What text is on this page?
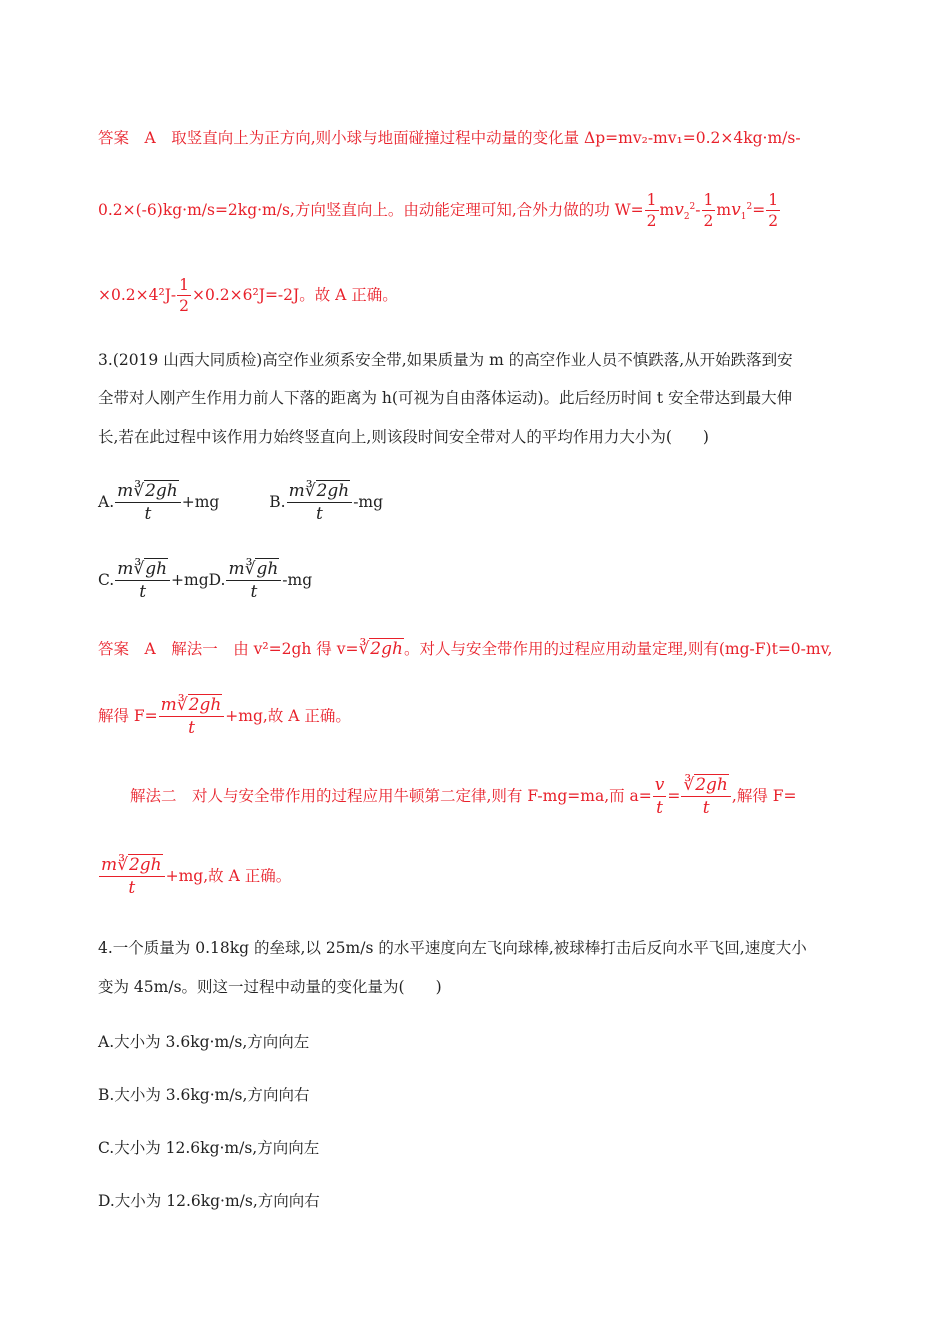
答案　A　取竖直向上为正方向,则小球与地面碰撞过程中动量的变化量 Δp=mv₂-mv₁=0.2×4kg·m/s-
0.2×(-6)kg·m/s=2kg·m/s,方向竖直向上。由动能定理可知,合外力做的功 $W= \frac{1}{2} mv_2^2- \frac{1}{2} mv_1^2= \frac{1}{2}$
$\times 0.2\times 4^2J- \frac{1}{2} \times 0.2\times 6^2J=-2J$。故 A 正确。
3.(2019 山西大同质检)高空作业须系安全带,如果质量为 m 的高空作业人员不慎跌落,从开始跌落到安
全带对人刚产生作用力前人下落的距离为 h(可视为自由落体运动)。此后经历时间 t 安全带达到最大伸
长,若在此过程中该作用力始终竖直向上,则该段时间安全带对人的平均作用力大小为(　　)
A. $\frac{m∛2gh}{t} +mg$	B. $\frac{m∛2gh}{t} -mg$
C. $\frac{m∛gh}{t} +mgD$. $\frac{m∛gh}{t} -mg$
答案　A　解法一　由 v²=2gh 得 v=∛2gh。对人与安全带作用的过程应用动量定理,则有(mg-F)t=0-mv,
解得 $F= \frac{m∛2gh}{t} +mg$,故 A 正确。
解法二　对人与安全带作用的过程应用牛顿第二定律,则有 F-mg=ma,而 $a= \frac{v}{t} = \frac{∛2gh}{t}$ ,解得 F=
$\frac{m∛2gh}{t} +mg$,故 A 正确。
4.一个质量为 0.18kg 的垒球,以 25m/s 的水平速度向左飞向球棒,被球棒打击后反向水平飞回,速度大小
变为 45m/s。则这一过程中动量的变化量为(　　)
A.大小为 3.6kg·m/s,方向向左
B.大小为 3.6kg·m/s,方向向右
C.大小为 12.6kg·m/s,方向向左
D.大小为 12.6kg·m/s,方向向右
